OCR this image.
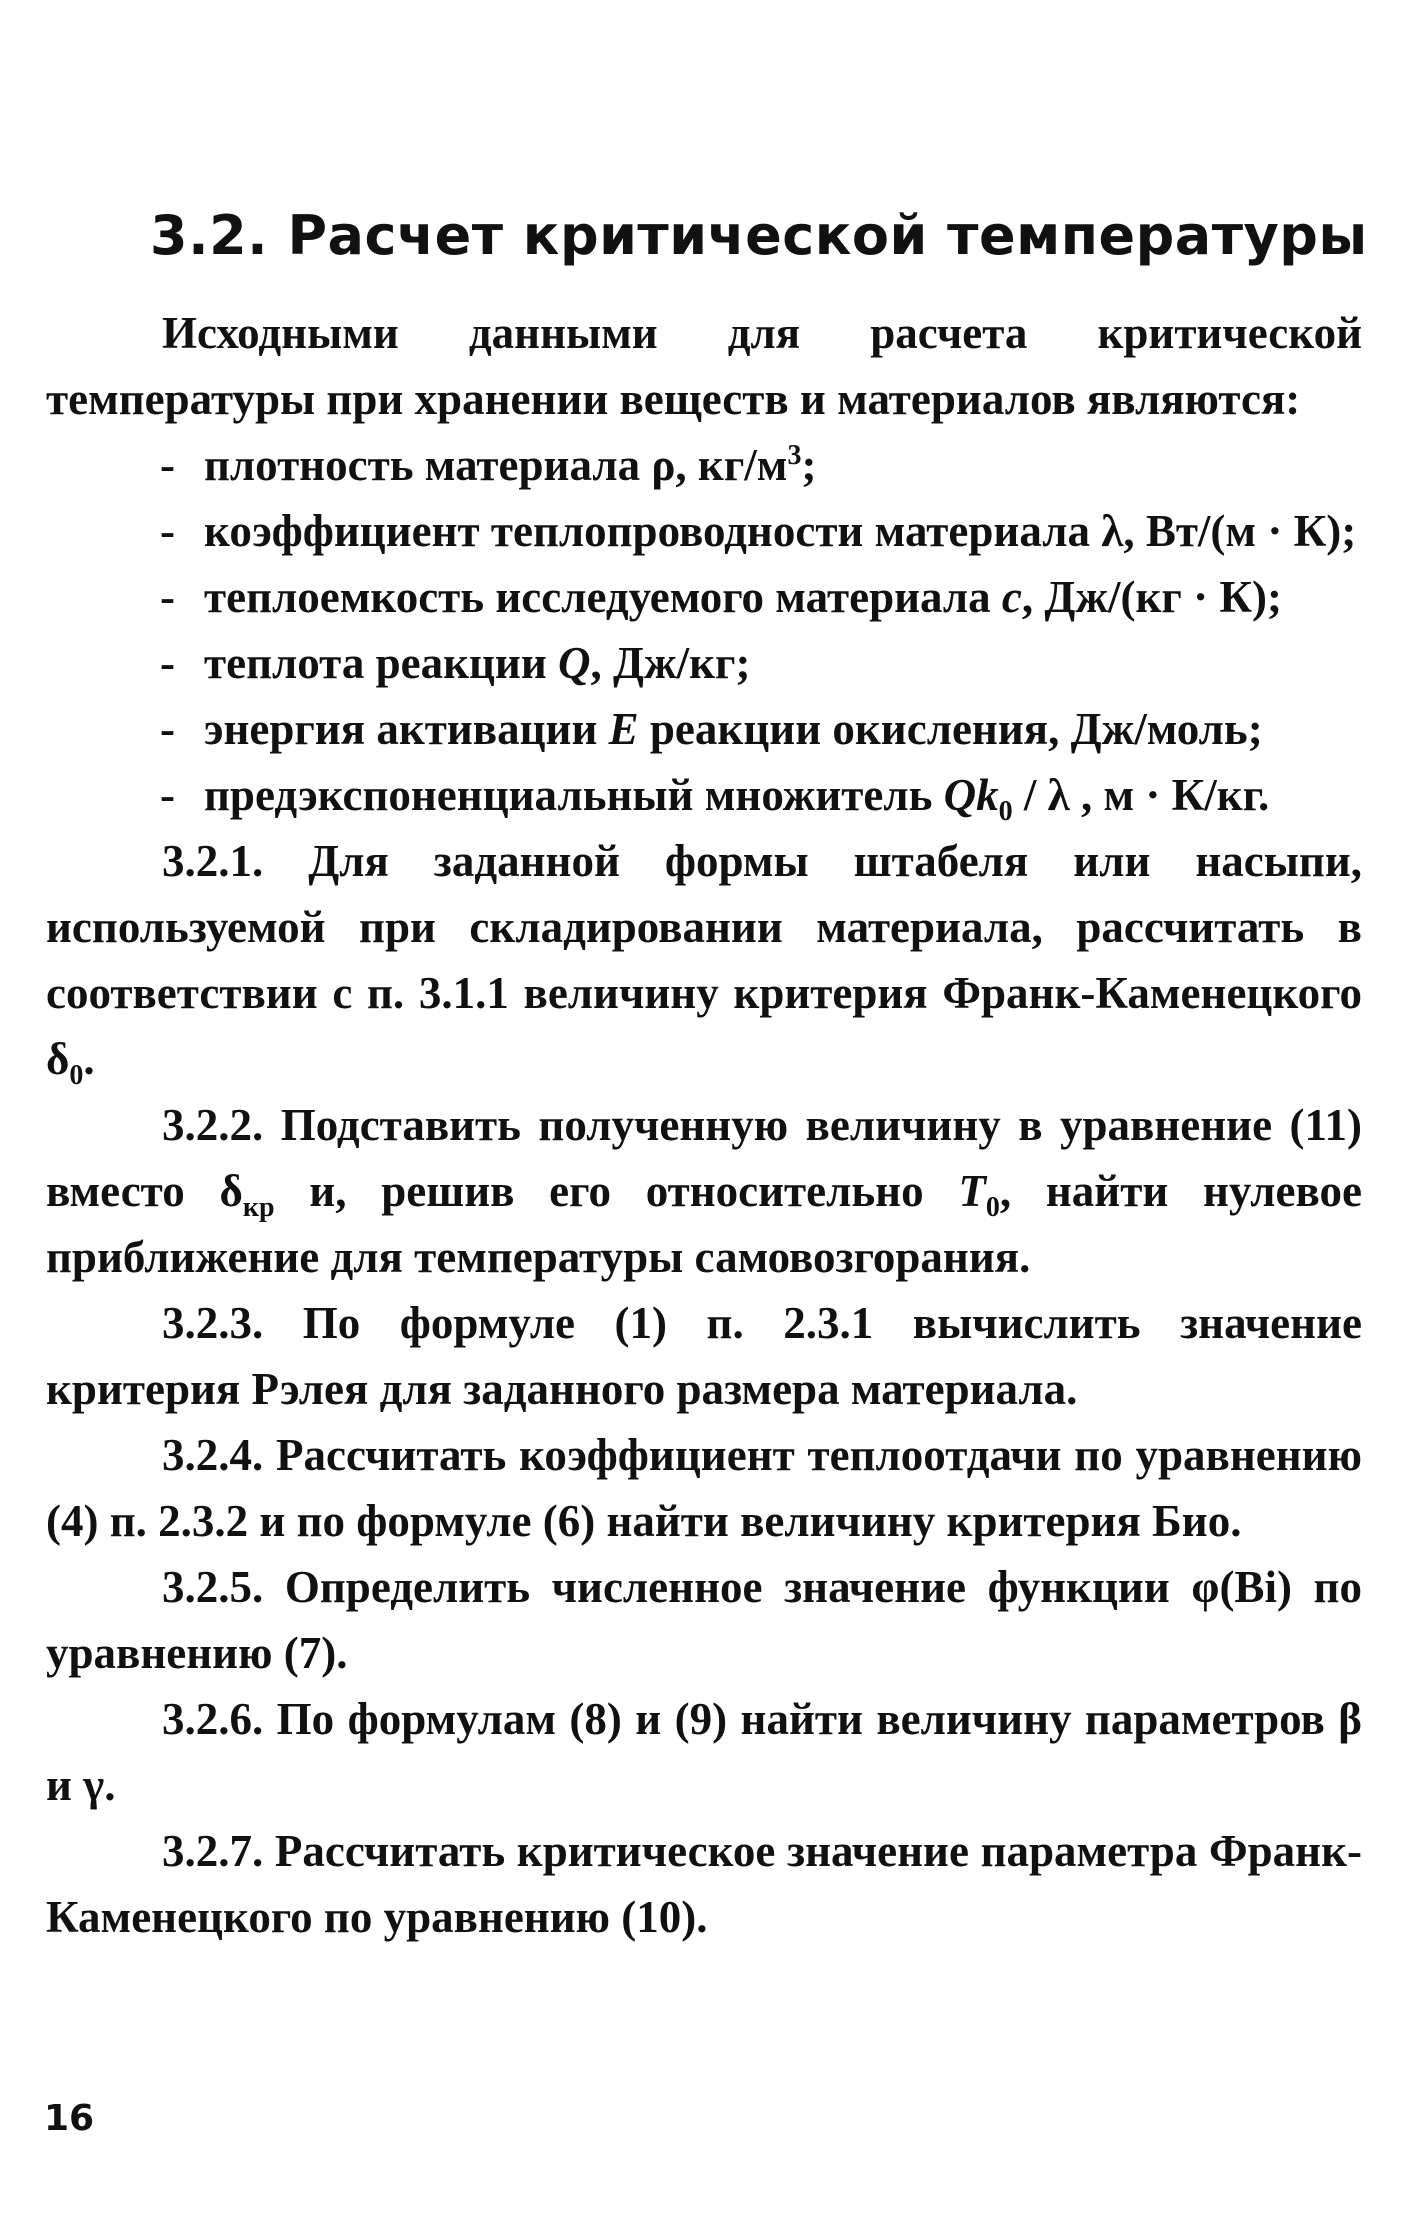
3.2. Расчет критической температуры

Исходными данными для расчета критической температуры при хранении веществ и материалов являются:

- плотность материала ρ, $кг/м^3$;

- коэффициент теплопроводности материала λ, Вт/(м · К);

- теплоемкость исследуемого материала c, Дж/(кг · К);

- теплота реакции Q, Дж/кг;

- энергия активации E реакции окисления, Дж/моль;

- предэкспоненциальный множитель $Qk_0$ / λ , м · К/кг.

3.2.1. Для заданной формы штабеля или насыпи, используемой при складировании материала, рассчитать в соответствии с п. 3.1.1 величину критерия Франк-Каменецкого $\delta_0$.

3.2.2. Подставить полученную величину в уравнение (11) вместо $\delta_{кр}$ и, решив его относительно $T_0$, найти нулевое приближение для температуры самовозгорания.

3.2.3. По формуле (1) п. 2.3.1 вычислить значение критерия Рэлея для заданного размера материала.

3.2.4. Рассчитать коэффициент теплоотдачи по уравнению (4) п. 2.3.2 и по формуле (6) найти величину критерия Био.

3.2.5. Определить численное значение функции φ(Bi) по уравнению (7).

3.2.6. По формулам (8) и (9) найти величину параметров β и γ.

3.2.7. Рассчитать критическое значение параметра Франк-Каменецкого по уравнению (10).

16
